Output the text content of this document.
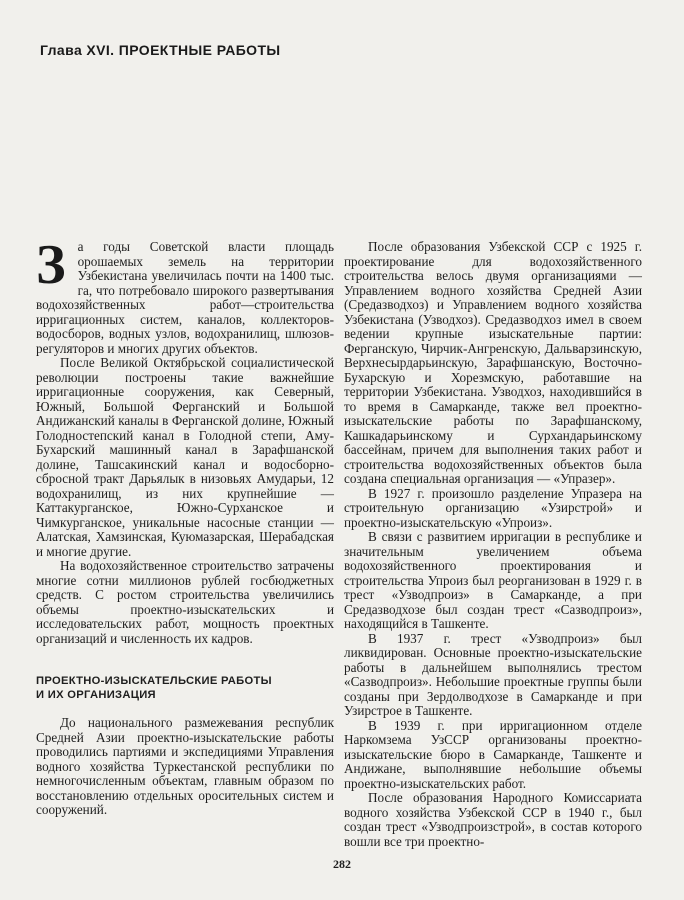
Глава XVI. ПРОЕКТНЫЕ РАБОТЫ

За годы Советской власти площадь орошаемых земель на территории Узбекистана увеличилась почти на 1400 тыс. га, что потребовало широкого развертывания водохозяйственных работ—строительства ирригационных систем, каналов, коллекторов-водосборов, водных узлов, водохранилищ, шлюзов-регуляторов и многих других объектов.

После Великой Октябрьской социалистической революции построены такие важнейшие ирригационные сооружения, как Северный, Южный, Большой Ферганский и Большой Андижанский каналы в Ферганской долине, Южный Голодностепский канал в Голодной степи, Аму-Бухарский машинный канал в Зарафшанской долине, Ташсакинский канал и водосборно-сбросной тракт Дарьялык в низовьях Амударьи, 12 водохранилищ, из них крупнейшие — Каттакурганское, Южно-Сурханское и Чимкурганское, уникальные насосные станции — Алатская, Хамзинская, Куюмазарская, Шерабадская и многие другие.

На водохозяйственное строительство затрачены многие сотни миллионов рублей госбюджетных средств. С ростом строительства увеличились объемы проектно-изыскательских и исследовательских работ, мощность проектных организаций и численность их кадров.

ПРОЕКТНО-ИЗЫСКАТЕЛЬСКИЕ РАБОТЫ
И ИХ ОРГАНИЗАЦИЯ

До национального размежевания республик Средней Азии проектно-изыскательские работы проводились партиями и экспедициями Управления водного хозяйства Туркестанской республики по немногочисленным объектам, главным образом по восстановлению отдельных оросительных систем и сооружений.

После образования Узбекской ССР с 1925 г. проектирование для водохозяйственного строительства велось двумя организациями — Управлением водного хозяйства Средней Азии (Средазводхоз) и Управлением водного хозяйства Узбекистана (Узводхоз). Средазводхоз имел в своем ведении крупные изыскательные партии: Ферганскую, Чирчик-Ангренскую, Дальварзинскую, Верхнесырдарьинскую, Зарафшанскую, Восточно-Бухарскую и Хорезмскую, работавшие на территории Узбекистана. Узводхоз, находившийся в то время в Самарканде, также вел проектно-изыскательские работы по Зарафшанскому, Кашкадарьинскому и Сурхандарьинскому бассейнам, причем для выполнения таких работ и строительства водохозяйственных объектов была создана специальная организация — «Упразер».

В 1927 г. произошло разделение Упразера на строительную организацию «Узирстрой» и проектно-изыскательскую «Упроиз».

В связи с развитием ирригации в республике и значительным увеличением объема водохозяйственного проектирования и строительства Упроиз был реорганизован в 1929 г. в трест «Узводпроиз» в Самарканде, а при Средазводхозе был создан трест «Сазводпроиз», находящийся в Ташкенте.

В 1937 г. трест «Узводпроиз» был ликвидирован. Основные проектно-изыскательские работы в дальнейшем выполнялись трестом «Сазводпроиз». Небольшие проектные группы были созданы при Зердолводхозе в Самарканде и при Узирстрое в Ташкенте.

В 1939 г. при ирригационном отделе Наркомзема УзССР организованы проектно-изыскательские бюро в Самарканде, Ташкенте и Андижане, выполнявшие небольшие объемы проектно-изыскательских работ.

После образования Народного Комиссариата водного хозяйства Узбекской ССР в 1940 г., был создан трест «Узводпроизстрой», в состав которого вошли все три проектно-

282
